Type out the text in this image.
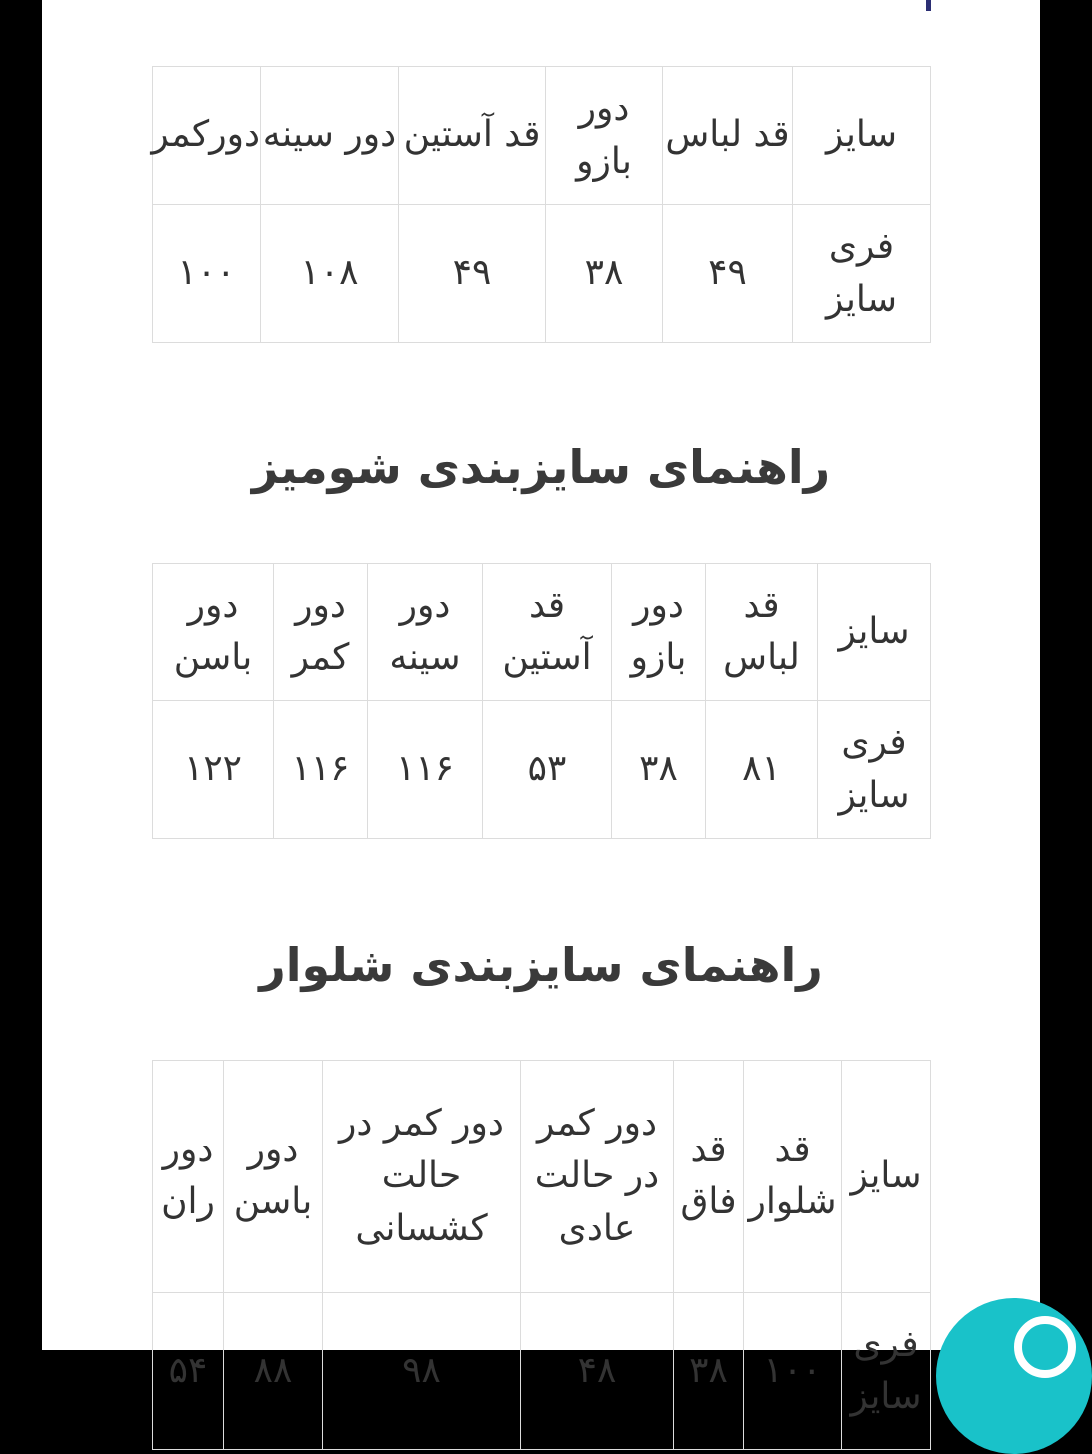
سایز	قد لباس	دور بازو	قد آستین	دور سینه	دورکمر
فری سایز	۴۹	۳۸	۴۹	۱۰۸	۱۰۰
راهنمای سایزبندی شومیز
سایز	قد لباس	دور بازو	قد آستین	دور سینه	دور کمر	دور باسن
فری سایز	۸۱	۳۸	۵۳	۱۱۶	۱۱۶	۱۲۲
راهنمای سایزبندی شلوار
سایز	قد شلوار	قد فاق	دور کمر در حالت عادی	دور کمر در حالت کشسانی	دور باسن	دور ران
فری سایز	۱۰۰	۳۸	۴۸	۹۸	۸۸	۵۴
